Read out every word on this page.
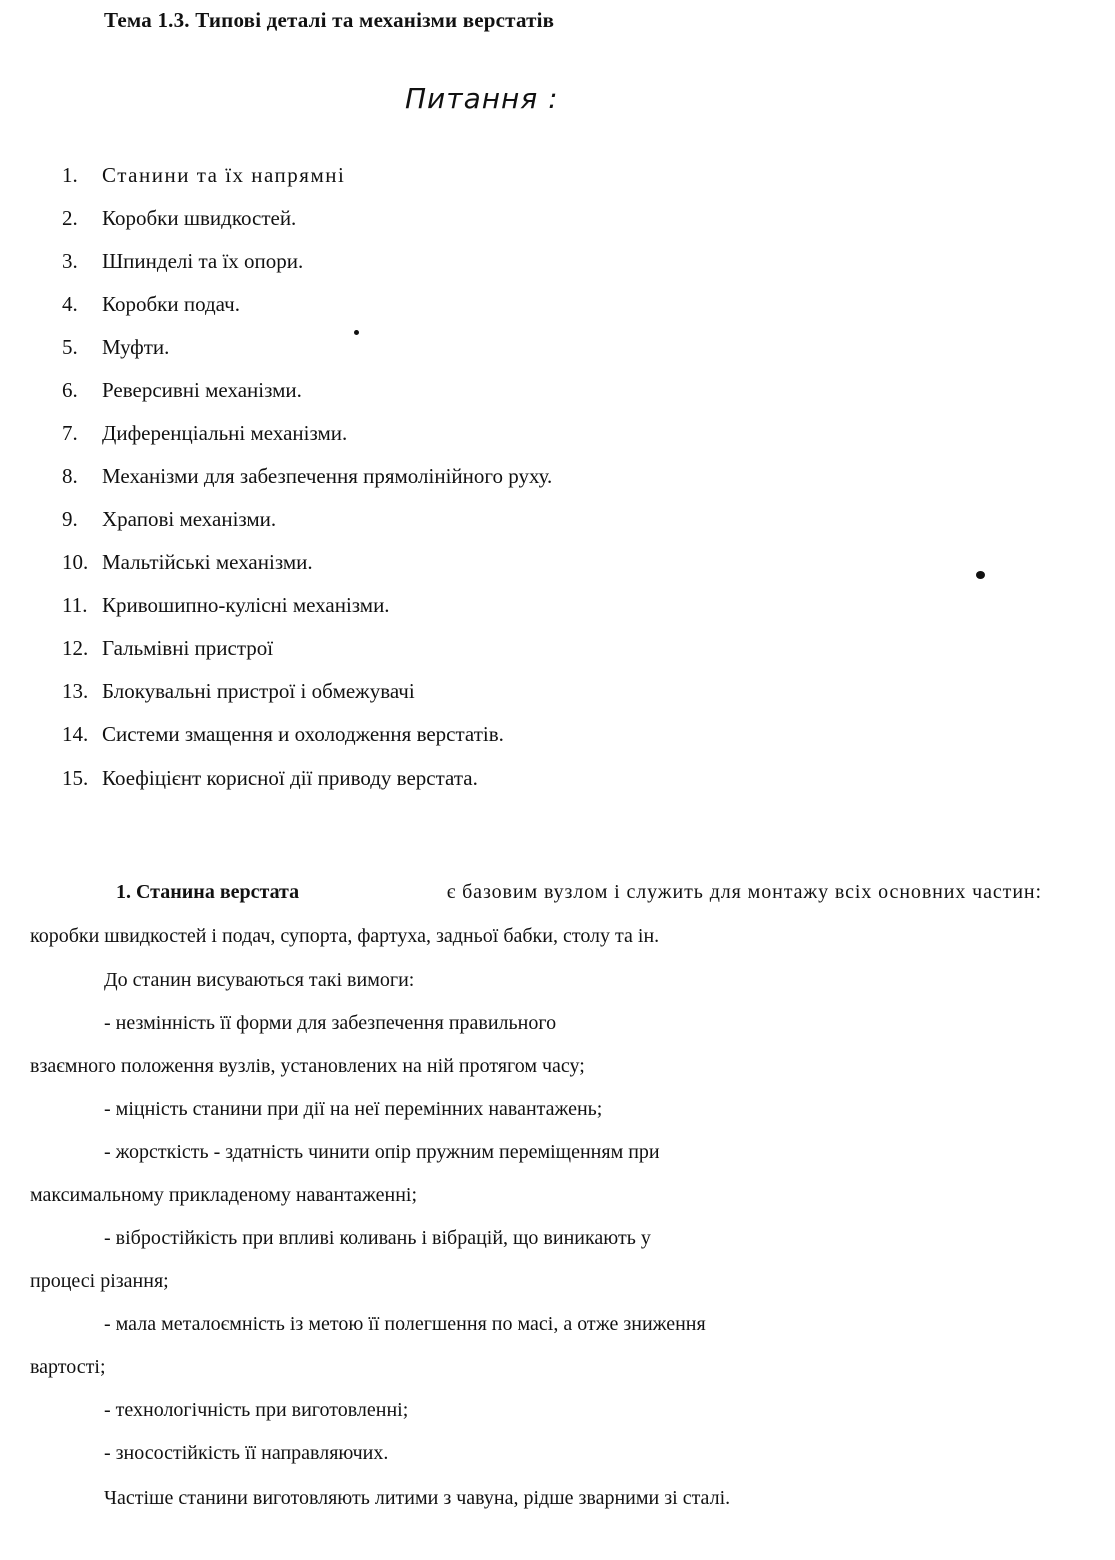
Тема 1.3. Типові деталі та механізми верстатів
Питання :
1. Станини та їх напрямні
2. Коробки швидкостей.
3. Шпинделі та їх опори.
4. Коробки подач.
5. Муфти.
6. Реверсивні механізми.
7. Диференціальні механізми.
8. Механізми для забезпечення прямолінійного руху.
9. Храпові механізми.
10. Мальтійські механізми.
11. Кривошипно-кулісні механізми.
12. Гальмівні пристрої
13. Блокувальні пристрої і обмежувачі
14. Системи змащення и охолодження верстатів.
15. Коефіцієнт корисної дії приводу верстата.
1. Станина верстата	є базовим вузлом і служить для монтажу всіх основних частин:
коробки швидкостей і подач, супорта, фартуха, задньої бабки, столу та ін.
До станин висуваються такі вимоги:
- незмінність її форми для забезпечення правильного
взаємного положення вузлів, установлених на ній протягом часу;
- міцність станини при дії на неї перемінних навантажень;
- жорсткість - здатність чинити опір пружним переміщенням при
максимальному прикладеному навантаженні;
- вібростійкість при впливі коливань і вібрацій, що виникають у
процесі різання;
- мала металоємність із метою її полегшення по масі, а отже зниження
вартості;
- технологічність при виготовленні;
- зносостійкість її направляючих.
Частіше станини виготовляють литими з чавуна, рідше зварними зі сталі.
